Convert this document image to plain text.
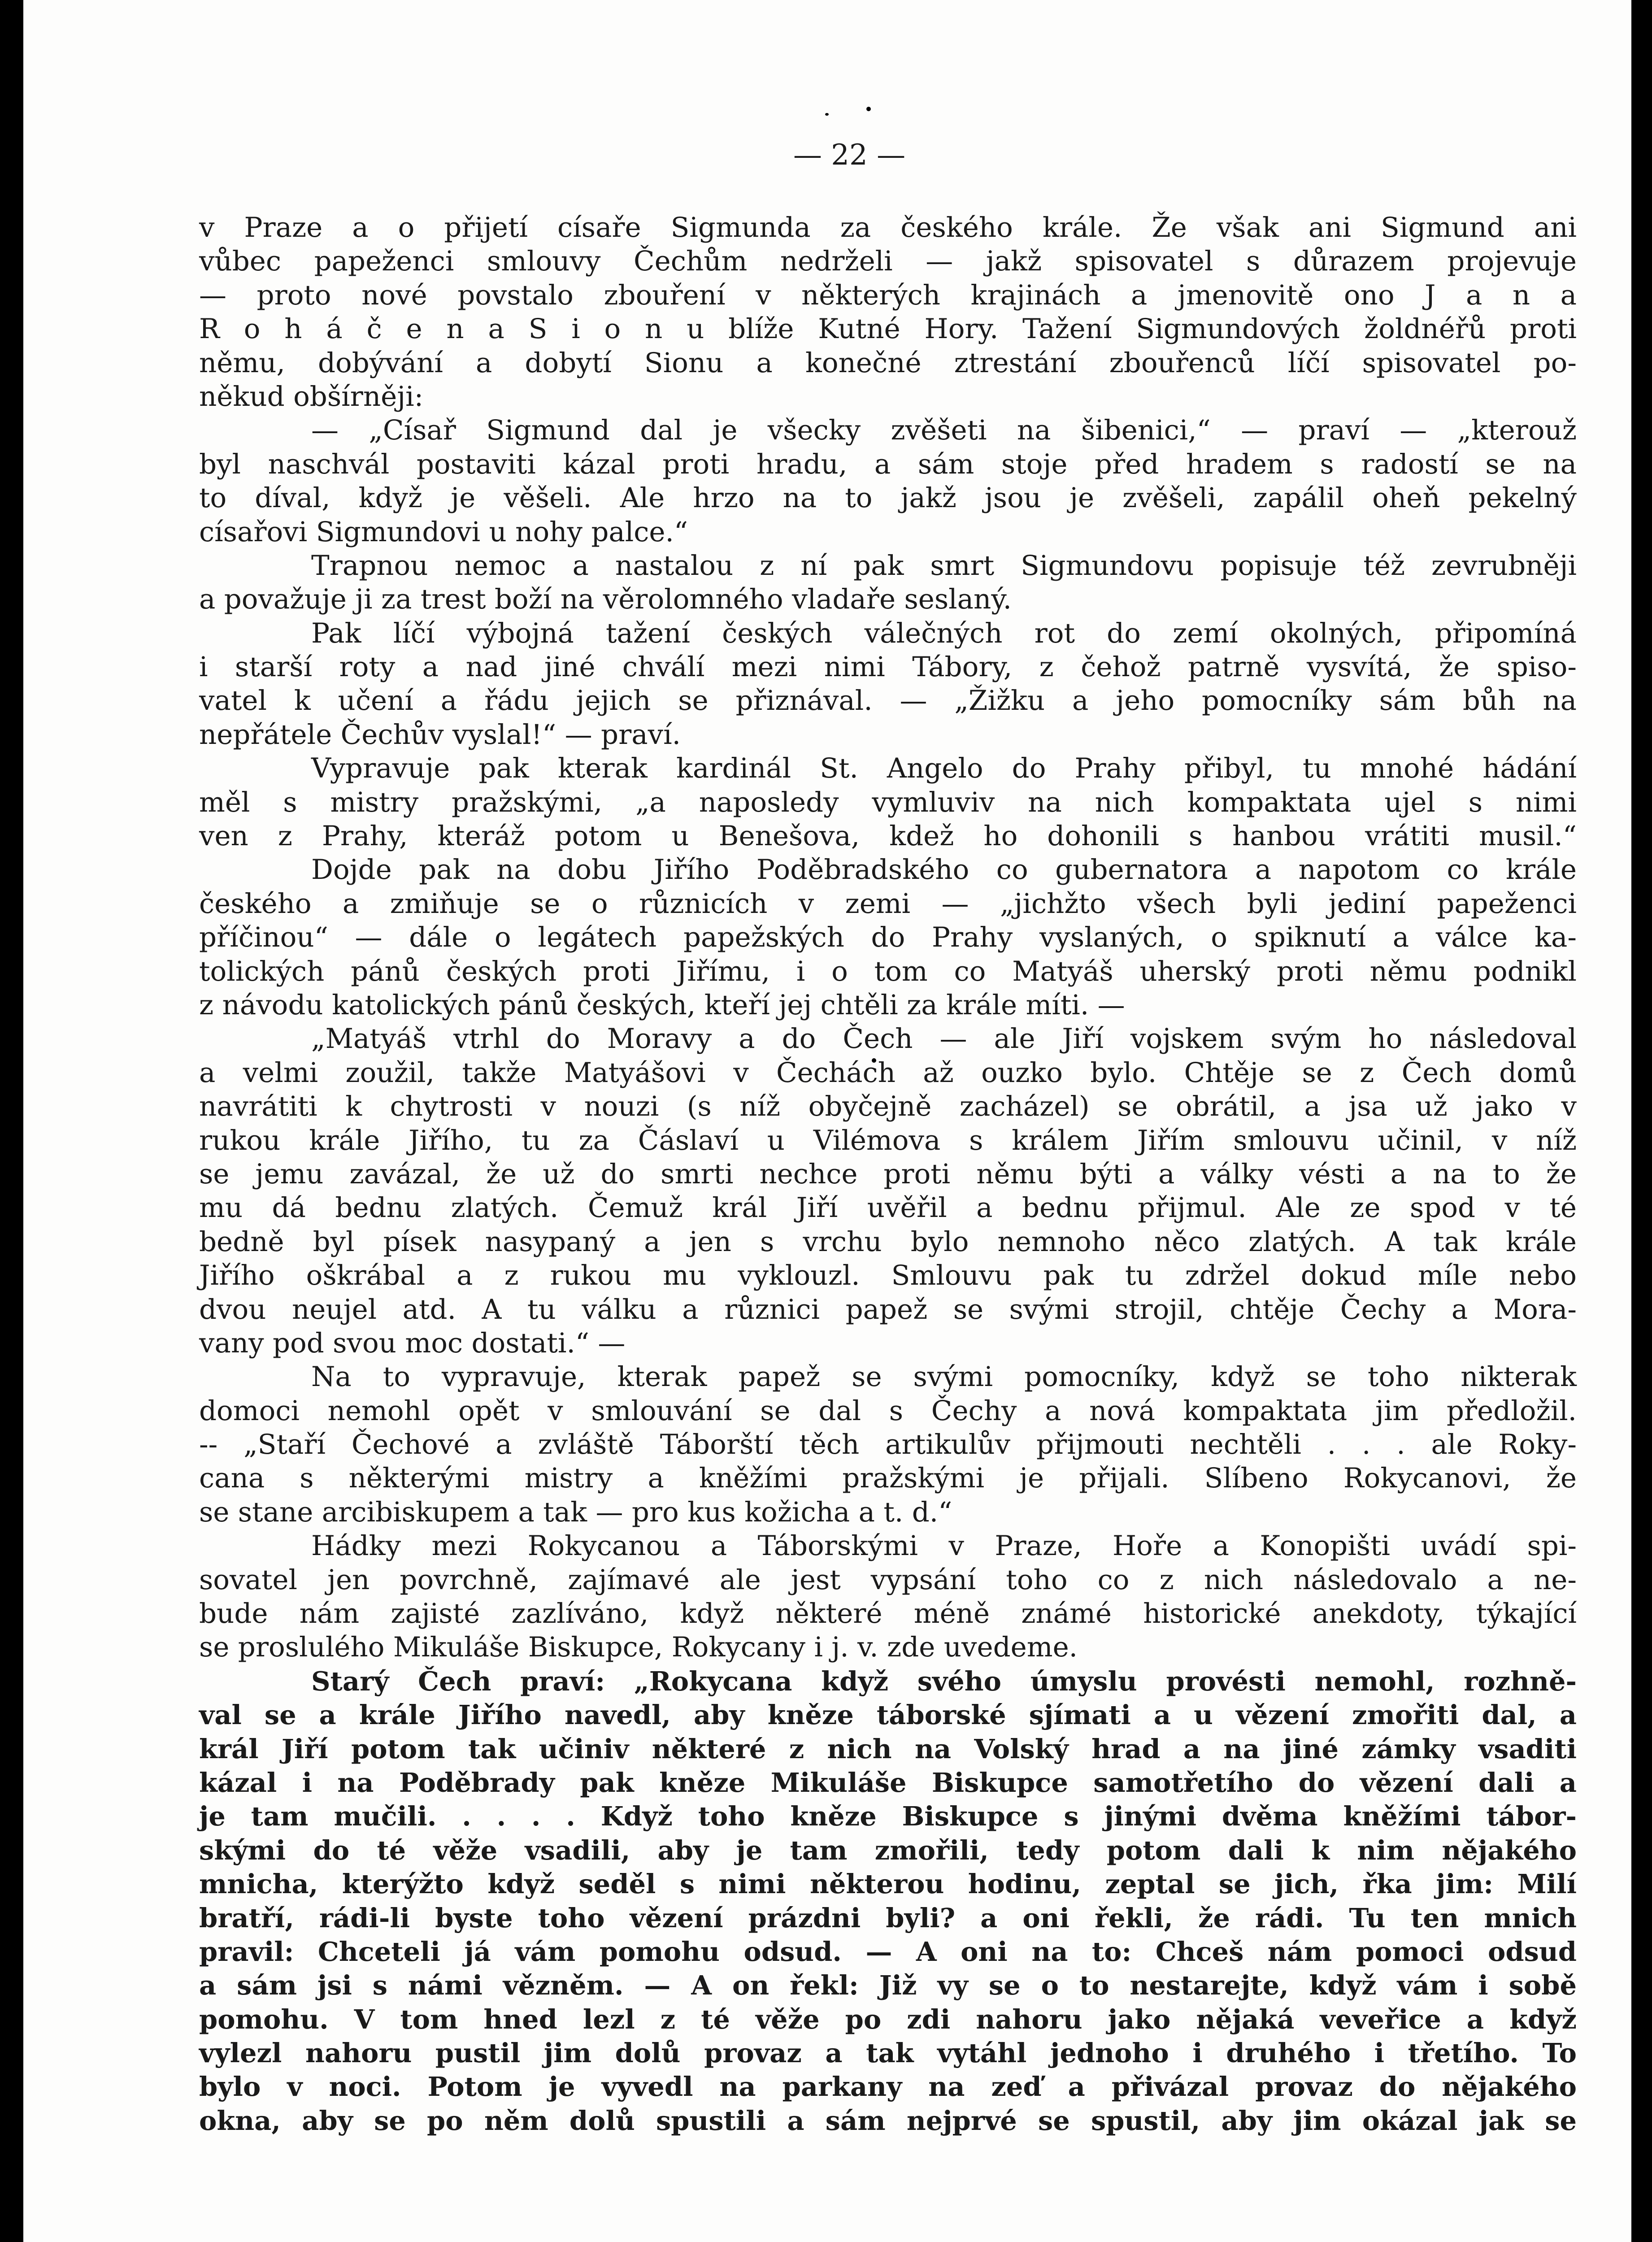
— 22 —
v Praze a o přijetí císaře Sigmunda za českého krále. Že však ani Sigmund ani
vůbec papeženci smlouvy Čechům nedrželi — jakž spisovatel s důrazem projevuje
— proto nové povstalo zbouření v některých krajinách a jmenovitě ono J a n a
R o h á č e n a S i o n u blíže Kutné Hory. Tažení Sigmundových žoldnéřů proti
němu, dobývání a dobytí Sionu a konečné ztrestání zbouřenců líčí spisovatel po-
někud obšírněji:
— „Císař Sigmund dal je všecky zvěšeti na šibenici,“ — praví — „kterouž
byl naschvál postaviti kázal proti hradu, a sám stoje před hradem s radostí se na
to díval, když je věšeli. Ale hrzo na to jakž jsou je zvěšeli, zapálil oheň pekelný
císařovi Sigmundovi u nohy palce.“
Trapnou nemoc a nastalou z ní pak smrt Sigmundovu popisuje též zevrubněji
a považuje ji za trest boží na věrolomného vladaře seslaný.
Pak líčí výbojná tažení českých válečných rot do zemí okolných, připomíná
i starší roty a nad jiné chválí mezi nimi Tábory, z čehož patrně vysvítá, že spiso-
vatel k učení a řádu jejich se přiznával. — „Žižku a jeho pomocníky sám bůh na
nepřátele Čechův vyslal!“ — praví.
Vypravuje pak kterak kardinál St. Angelo do Prahy přibyl, tu mnohé hádání
měl s mistry pražskými, „a naposledy vymluviv na nich kompaktata ujel s nimi
ven z Prahy, kteráž potom u Benešova, kdež ho dohonili s hanbou vrátiti musil.“
Dojde pak na dobu Jiřího Poděbradského co gubernatora a napotom co krále
českého a zmiňuje se o různicích v zemi — „jichžto všech byli jediní papeženci
příčinou“ — dále o legátech papežských do Prahy vyslaných, o spiknutí a válce ka-
tolických pánů českých proti Jiřímu, i o tom co Matyáš uherský proti němu podnikl
z návodu katolických pánů českých, kteří jej chtěli za krále míti. —
„Matyáš vtrhl do Moravy a do Čech — ale Jiří vojskem svým ho následoval
a velmi zoužil, takže Matyášovi v Čechách až ouzko bylo. Chtěje se z Čech domů
navrátiti k chytrosti v nouzi (s níž obyčejně zacházel) se obrátil, a jsa už jako v
rukou krále Jiřího, tu za Čáslaví u Vilémova s králem Jiřím smlouvu učinil, v níž
se jemu zavázal, že už do smrti nechce proti němu býti a války vésti a na to že
mu dá bednu zlatých. Čemuž král Jiří uvěřil a bednu přijmul. Ale ze spod v té
bedně byl písek nasypaný a jen s vrchu bylo nemnoho něco zlatých. A tak krále
Jiřího oškrábal a z rukou mu vyklouzl. Smlouvu pak tu zdržel dokud míle nebo
dvou neujel atd. A tu válku a různici papež se svými strojil, chtěje Čechy a Mora-
vany pod svou moc dostati.“ —
Na to vypravuje, kterak papež se svými pomocníky, když se toho nikterak
domoci nemohl opět v smlouvání se dal s Čechy a nová kompaktata jim předložil.
-- „Staří Čechové a zvláště Táborští těch artikulův přijmouti nechtěli . . . ale Roky-
cana s některými mistry a kněžími pražskými je přijali. Slíbeno Rokycanovi, že
se stane arcibiskupem a tak — pro kus kožicha a t. d.“
Hádky mezi Rokycanou a Táborskými v Praze, Hoře a Konopišti uvádí spi-
sovatel jen povrchně, zajímavé ale jest vypsání toho co z nich následovalo a ne-
bude nám zajisté zazlíváno, když některé méně známé historické anekdoty, týkající
se proslulého Mikuláše Biskupce, Rokycany i j. v. zde uvedeme.
Starý Čech praví: „Rokycana když svého úmyslu provésti nemohl, rozhně-
val se a krále Jiřího navedl, aby kněze táborské sjímati a u vězení zmořiti dal, a
král Jiří potom tak učiniv některé z nich na Volský hrad a na jiné zámky vsaditi
kázal i na Poděbrady pak kněze Mikuláše Biskupce samotřetího do vězení dali a
je tam mučili. . . . . Když toho kněze Biskupce s jinými dvěma kněžími tábor-
skými do té věže vsadili, aby je tam zmořili, tedy potom dali k nim nějakého
mnicha, kterýžto když seděl s nimi některou hodinu, zeptal se jich, řka jim: Milí
bratří, rádi-li byste toho vězení prázdni byli? a oni řekli, že rádi. Tu ten mnich
pravil: Chceteli já vám pomohu odsud. — A oni na to: Chceš nám pomoci odsud
a sám jsi s námi vězněm. — A on řekl: Již vy se o to nestarejte, když vám i sobě
pomohu. V tom hned lezl z té věže po zdi nahoru jako nějaká veveřice a když
vylezl nahoru pustil jim dolů provaz a tak vytáhl jednoho i druhého i třetího. To
bylo v noci. Potom je vyvedl na parkany na zeď a přivázal provaz do nějakého
okna, aby se po něm dolů spustili a sám nejprvé se spustil, aby jim okázal jak se
